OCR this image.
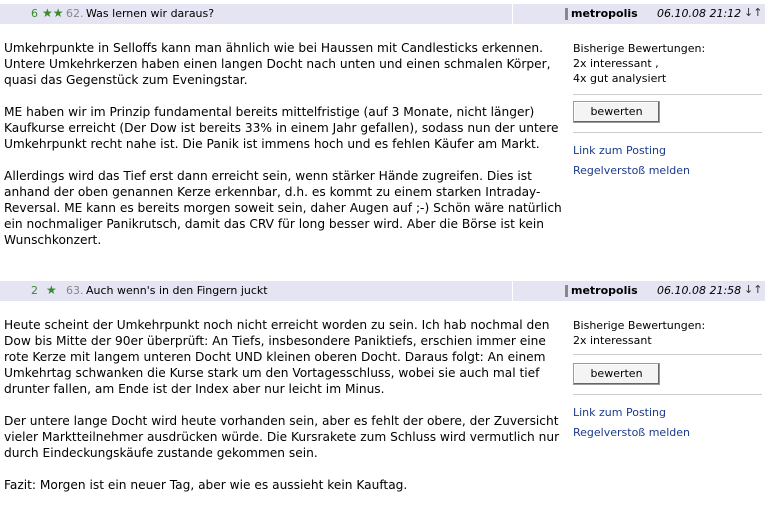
6 ★★ 62. Was lernen wir daraus?	metropolis 06.10.08 21:12 ↓↑

Umkehrpunkte in Selloffs kann man ähnlich wie bei Haussen mit Candlesticks erkennen. Untere Umkehrkerzen haben einen langen Docht nach unten und einen schmalen Körper, quasi das Gegenstück zum Eveningstar.

ME haben wir im Prinzip fundamental bereits mittelfristige (auf 3 Monate, nicht länger) Kaufkurse erreicht (Der Dow ist bereits 33% in einem Jahr gefallen), sodass nun der untere Umkehrpunkt recht nahe ist. Die Panik ist immens hoch und es fehlen Käufer am Markt.

Allerdings wird das Tief erst dann erreicht sein, wenn stärker Hände zugreifen. Dies ist anhand der oben genannen Kerze erkennbar, d.h. es kommt zu einem starken Intraday-Reversal. ME kann es bereits morgen soweit sein, daher Augen auf ;-) Schön wäre natürlich ein nochmaliger Panikrutsch, damit das CRV für long besser wird. Aber die Börse ist kein Wunschkonzert.

Bisherige Bewertungen:
2x interessant ,
4x gut analysiert
bewerten
Link zum Posting
Regelverstoß melden
2 ★ 63. Auch wenn's in den Fingern juckt	metropolis 06.10.08 21:58 ↓↑

Heute scheint der Umkehrpunkt noch nicht erreicht worden zu sein. Ich hab nochmal den Dow bis Mitte der 90er überprüft: An Tiefs, insbesondere Paniktiefs, erschien immer eine rote Kerze mit langem unteren Docht UND kleinen oberen Docht. Daraus folgt: An einem Umkehrtag schwanken die Kurse stark um den Vortagesschluss, wobei sie auch mal tief drunter fallen, am Ende ist der Index aber nur leicht im Minus.

Der untere lange Docht wird heute vorhanden sein, aber es fehlt der obere, der Zuversicht vieler Marktteilnehmer ausdrücken würde. Die Kursrakete zum Schluss wird vermutlich nur durch Eindeckungskäufe zustande gekommen sein.

Fazit: Morgen ist ein neuer Tag, aber wie es aussieht kein Kauftag.

Bisherige Bewertungen:
2x interessant
bewerten
Link zum Posting
Regelverstoß melden
